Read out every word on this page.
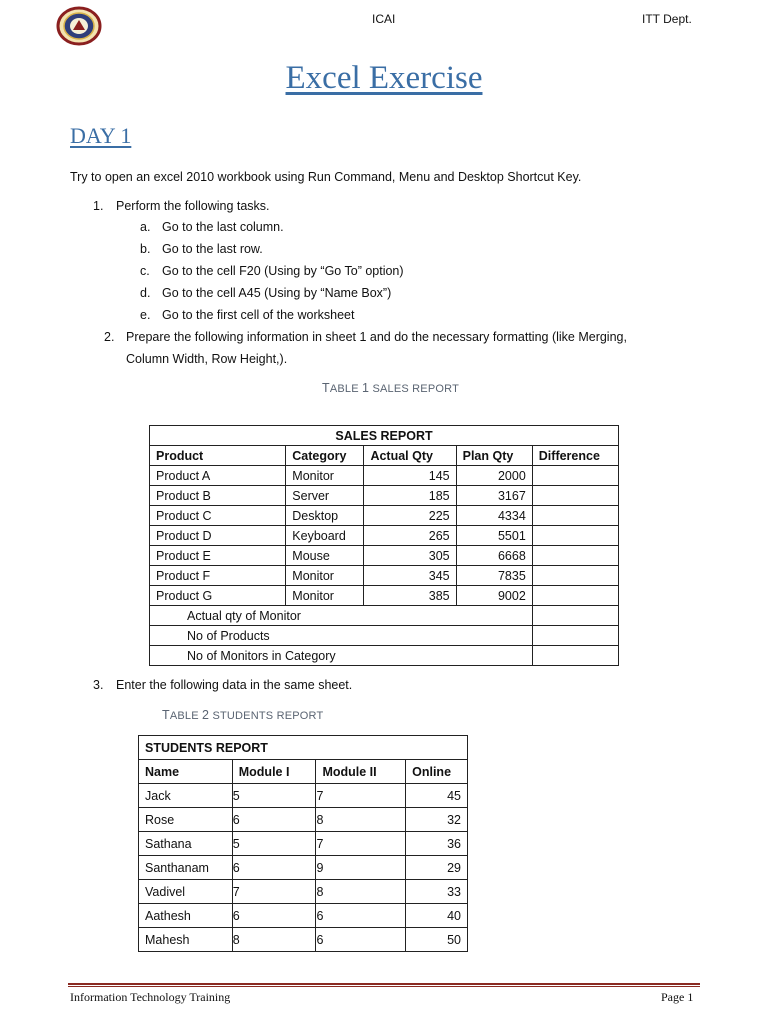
ICAI	ITT Dept.
Excel Exercise
DAY 1
Try to open an excel 2010 workbook using Run Command, Menu and Desktop Shortcut Key.
1. Perform the following tasks.
a. Go to the last column.
b. Go to the last row.
c. Go to the cell F20 (Using by “Go To” option)
d. Go to the cell A45 (Using by “Name Box”)
e. Go to the first cell of the worksheet
2. Prepare the following information in sheet 1 and do the necessary formatting (like Merging,
Column Width, Row Height,).
TABLE 1 SALES REPORT
SALES REPORT				
Product	Category	Actual Qty	Plan Qty	Difference
Product A	Monitor	145	2000	
Product B	Server	185	3167	
Product C	Desktop	225	4334	
Product D	Keyboard	265	5501	
Product E	Mouse	305	6668	
Product F	Monitor	345	7835	
Product G	Monitor	385	9002	
Actual qty of Monitor				
No of Products				
No of Monitors in Category				
3. Enter the following data in the same sheet.
TABLE 2 STUDENTS REPORT
STUDENTS REPORT			
Name	Module I	Module II	Online
Jack	5	7	45
Rose	6	8	32
Sathana	5	7	36
Santhanam	6	9	29
Vadivel	7	8	33
Aathesh	6	6	40
Mahesh	8	6	50
Information Technology Training	Page 1
